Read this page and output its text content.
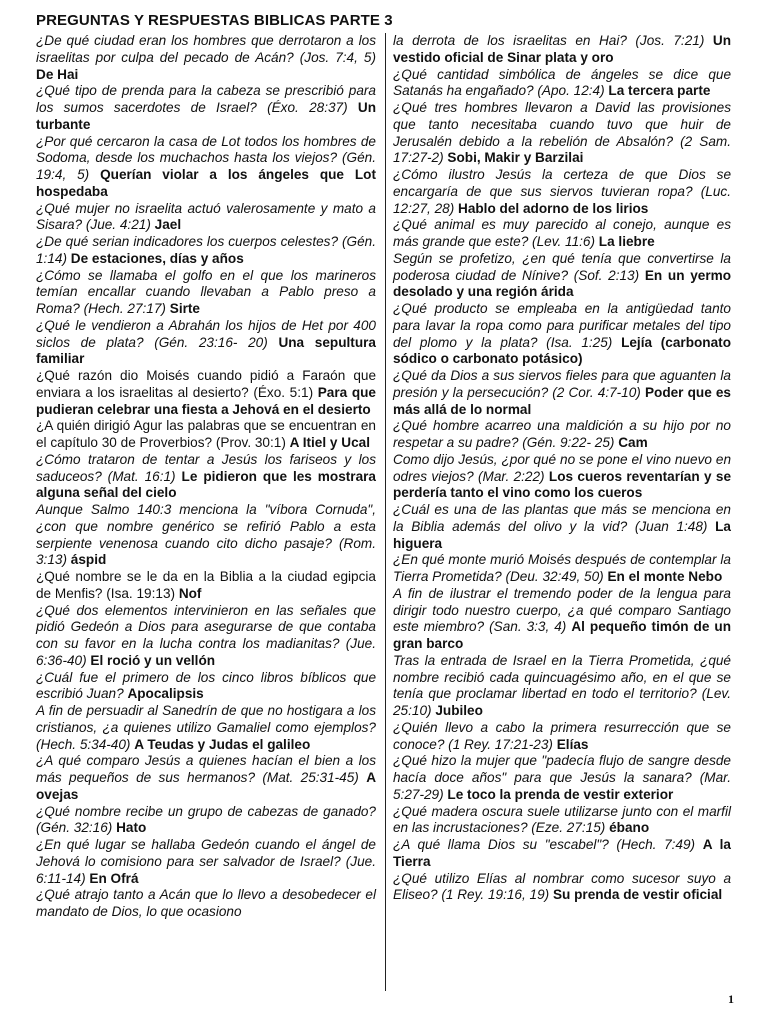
PREGUNTAS Y RESPUESTAS BIBLICAS PARTE 3

¿De qué ciudad eran los hombres que derrotaron a los israelitas por culpa del pecado de Acán? (Jos. 7:4, 5) De Hai

¿Qué tipo de prenda para la cabeza se prescribió para los sumos sacerdotes de Israel? (Éxo. 28:37) Un turbante

¿Por qué cercaron la casa de Lot todos los hombres de Sodoma, desde los muchachos hasta los viejos? (Gén. 19:4, 5) Querían violar a los ángeles que Lot hospedaba

¿Qué mujer no israelita actuó valerosamente y mato a Sisara? (Jue. 4:21) Jael

¿De qué serian indicadores los cuerpos celestes? (Gén. 1:14) De estaciones, días y años

¿Cómo se llamaba el golfo en el que los marineros temían encallar cuando llevaban a Pablo preso a Roma? (Hech. 27:17) Sirte

¿Qué le vendieron a Abrahán los hijos de Het por 400 siclos de plata? (Gén. 23:16- 20) Una sepultura familiar

¿Qué razón dio Moisés cuando pidió a Faraón que enviara a los israelitas al desierto? (Éxo. 5:1) Para que pudieran celebrar una fiesta a Jehová en el desierto

¿A quién dirigió Agur las palabras que se encuentran en el capítulo 30 de Proverbios? (Prov. 30:1) A Itiel y Ucal

¿Cómo trataron de tentar a Jesús los fariseos y los saduceos? (Mat. 16:1) Le pidieron que les mostrara alguna señal del cielo

Aunque Salmo 140:3 menciona la "víbora Cornuda", ¿con que nombre genérico se refirió Pablo a esta serpiente venenosa cuando cito dicho pasaje? (Rom. 3:13) áspid

¿Qué nombre se le da en la Biblia a la ciudad egipcia de Menfis? (Isa. 19:13) Nof

¿Qué dos elementos intervinieron en las señales que pidió Gedeón a Dios para asegurarse de que contaba con su favor en la lucha contra los madianitas? (Jue. 6:36-40) El roció y un vellón

¿Cuál fue el primero de los cinco libros bíblicos que escribió Juan? Apocalipsis

A fin de persuadir al Sanedrín de que no hostigara a los cristianos, ¿a quienes utilizo Gamaliel como ejemplos? (Hech. 5:34-40) A Teudas y Judas el galileo

¿A qué comparo Jesús a quienes hacían el bien a los más pequeños de sus hermanos? (Mat. 25:31-45) A ovejas

¿Qué nombre recibe un grupo de cabezas de ganado? (Gén. 32:16) Hato

¿En qué lugar se hallaba Gedeón cuando el ángel de Jehová lo comisiono para ser salvador de Israel? (Jue. 6:11-14) En Ofrá

¿Qué atrajo tanto a Acán que lo llevo a desobedecer el mandato de Dios, lo que ocasiono

la derrota de los israelitas en Hai? (Jos. 7:21) Un vestido oficial de Sinar plata y oro

¿Qué cantidad simbólica de ángeles se dice que Satanás ha engañado? (Apo. 12:4) La tercera parte

¿Qué tres hombres llevaron a David las provisiones que tanto necesitaba cuando tuvo que huir de Jerusalén debido a la rebelión de Absalón? (2 Sam. 17:27-2) Sobi, Makir y Barzilai

¿Cómo ilustro Jesús la certeza de que Dios se encargaría de que sus siervos tuvieran ropa? (Luc. 12:27, 28) Hablo del adorno de los lirios

¿Qué animal es muy parecido al conejo, aunque es más grande que este? (Lev. 11:6) La liebre

Según se profetizo, ¿en qué tenía que convertirse la poderosa ciudad de Nínive? (Sof. 2:13) En un yermo desolado y una región árida

¿Qué producto se empleaba en la antigüedad tanto para lavar la ropa como para purificar metales del tipo del plomo y la plata? (Isa. 1:25) Lejía (carbonato sódico o carbonato potásico)

¿Qué da Dios a sus siervos fieles para que aguanten la presión y la persecución? (2 Cor. 4:7-10) Poder que es más allá de lo normal

¿Qué hombre acarreo una maldición a su hijo por no respetar a su padre? (Gén. 9:22- 25) Cam

Como dijo Jesús, ¿por qué no se pone el vino nuevo en odres viejos? (Mar. 2:22) Los cueros reventarían y se perdería tanto el vino como los cueros

¿Cuál es una de las plantas que más se menciona en la Biblia además del olivo y la vid? (Juan 1:48) La higuera

¿En qué monte murió Moisés después de contemplar la Tierra Prometida? (Deu. 32:49, 50) En el monte Nebo

A fin de ilustrar el tremendo poder de la lengua para dirigir todo nuestro cuerpo, ¿a qué comparo Santiago este miembro? (San. 3:3, 4) Al pequeño timón de un gran barco

Tras la entrada de Israel en la Tierra Prometida, ¿qué nombre recibió cada quincuagésimo año, en el que se tenía que proclamar libertad en todo el territorio? (Lev. 25:10) Jubileo

¿Quién llevo a cabo la primera resurrección que se conoce? (1 Rey. 17:21-23) Elías

¿Qué hizo la mujer que "padecía flujo de sangre desde hacía doce años" para que Jesús la sanara? (Mar. 5:27-29) Le toco la prenda de vestir exterior

¿Qué madera oscura suele utilizarse junto con el marfil en las incrustaciones? (Eze. 27:15) ébano

¿A qué llama Dios su "escabel"? (Hech. 7:49) A la Tierra

¿Qué utilizo Elías al nombrar como sucesor suyo a Eliseo? (1 Rey. 19:16, 19) Su prenda de vestir oficial

1
